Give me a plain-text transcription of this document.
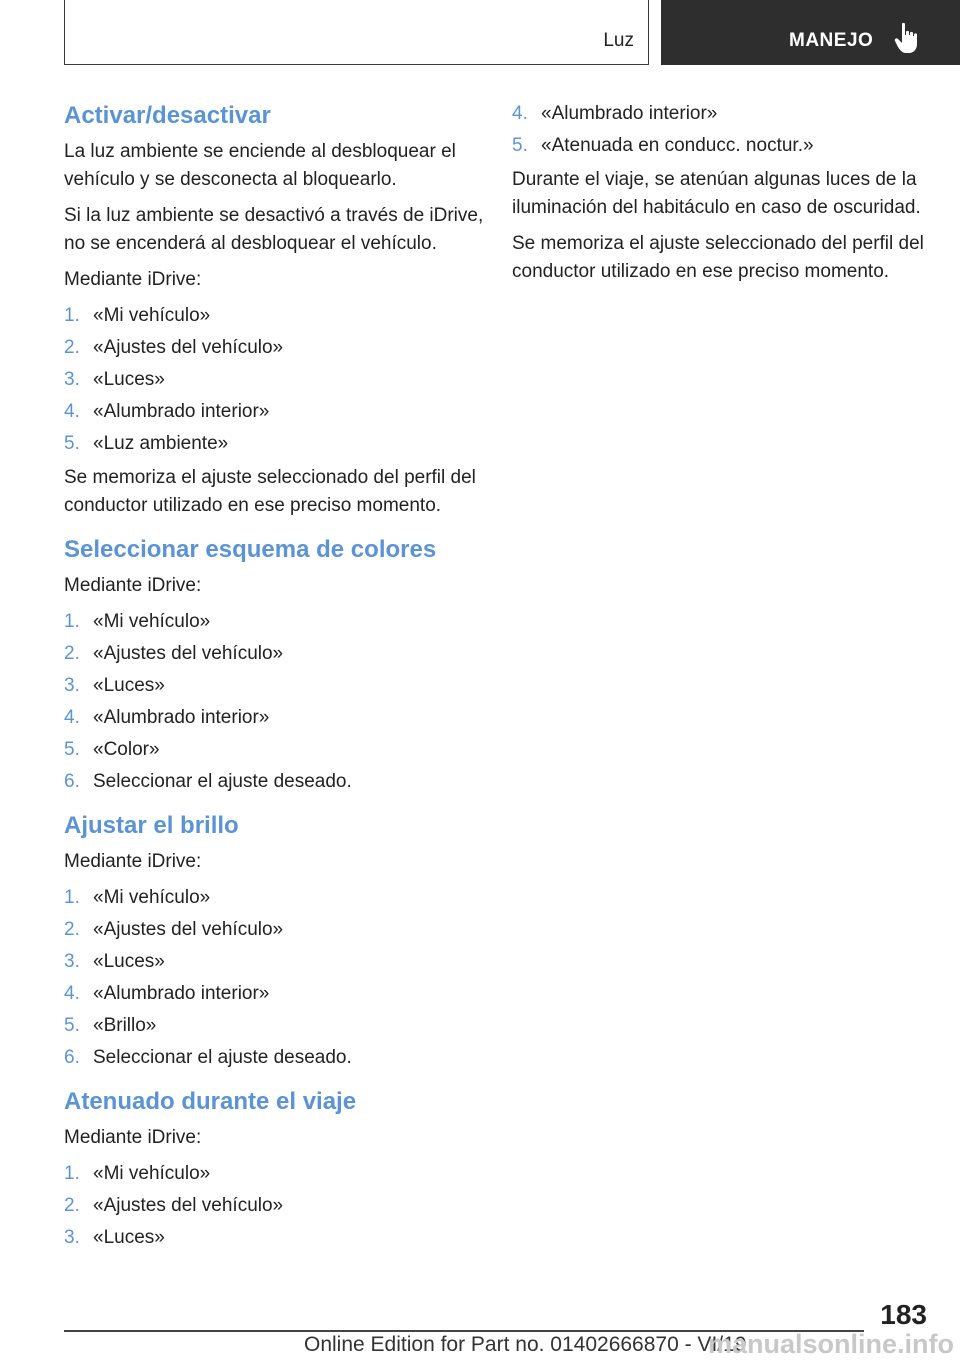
Luz	MANEJO
Activar/desactivar

La luz ambiente se enciende al desbloquear el vehículo y se desconecta al bloquearlo.

Si la luz ambiente se desactivó a través de iDrive, no se encenderá al desbloquear el vehículo.

Mediante iDrive:

1. «Mi vehículo»
2. «Ajustes del vehículo»
3. «Luces»
4. «Alumbrado interior»
5. «Luz ambiente»

Se memoriza el ajuste seleccionado del perfil del conductor utilizado en ese preciso momento.

Seleccionar esquema de colores

Mediante iDrive:

1. «Mi vehículo»
2. «Ajustes del vehículo»
3. «Luces»
4. «Alumbrado interior»
5. «Color»
6. Seleccionar el ajuste deseado.
Ajustar el brillo

Mediante iDrive:

1. «Mi vehículo»
2. «Ajustes del vehículo»
3. «Luces»
4. «Alumbrado interior»
5. «Brillo»
6. Seleccionar el ajuste deseado.
Atenuado durante el viaje

Mediante iDrive:

1. «Mi vehículo»
2. «Ajustes del vehículo»
3. «Luces»
4. «Alumbrado interior»
5. «Atenuada en conducc. noctur.»

Durante el viaje, se atenúan algunas luces de la iluminación del habitáculo en caso de oscuridad.

Se memoriza el ajuste seleccionado del perfil del conductor utilizado en ese preciso momento.

183
Online Edition for Part no. 01402666870 - VI/19
manualsonline.info
